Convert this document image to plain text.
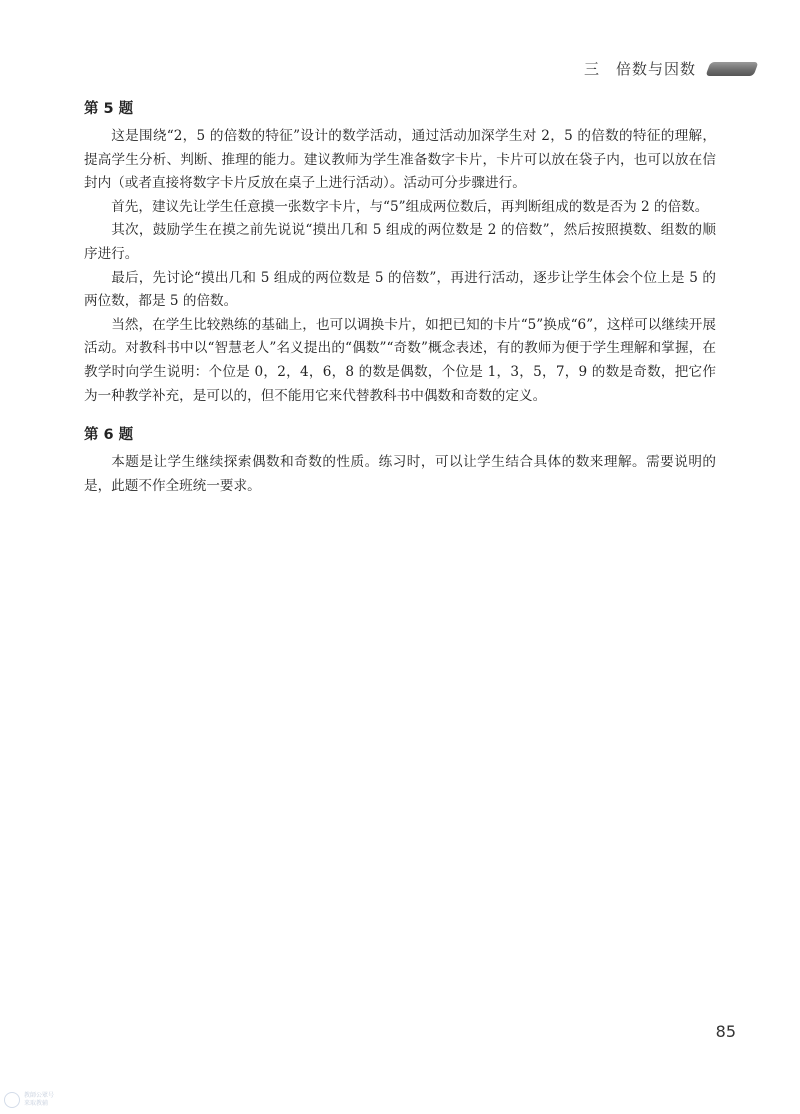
三　倍数与因数
第 5 题

这是围绕“2，5 的倍数的特征”设计的数学活动，通过活动加深学生对 2，5 的倍数的特征的理解，提高学生分析、判断、推理的能力。建议教师为学生准备数字卡片，卡片可以放在袋子内，也可以放在信封内（或者直接将数字卡片反放在桌子上进行活动）。活动可分步骤进行。

首先，建议先让学生任意摸一张数字卡片，与“5”组成两位数后，再判断组成的数是否为 2 的倍数。

其次，鼓励学生在摸之前先说说“摸出几和 5 组成的两位数是 2 的倍数”，然后按照摸数、组数的顺序进行。

最后，先讨论“摸出几和 5 组成的两位数是 5 的倍数”，再进行活动，逐步让学生体会个位上是 5 的两位数，都是 5 的倍数。

当然，在学生比较熟练的基础上，也可以调换卡片，如把已知的卡片“5”换成“6”，这样可以继续开展活动。对教科书中以“智慧老人”名义提出的“偶数”“奇数”概念表述，有的教师为便于学生理解和掌握，在教学时向学生说明：个位是 0，2，4，6，8 的数是偶数，个位是 1，3，5，7，9 的数是奇数，把它作为一种教学补充，是可以的，但不能用它来代替教科书中偶数和奇数的定义。

第 6 题

本题是让学生继续探索偶数和奇数的性质。练习时，可以让学生结合具体的数来理解。需要说明的是，此题不作全班统一要求。

85
教師公眾号
来取教辅
